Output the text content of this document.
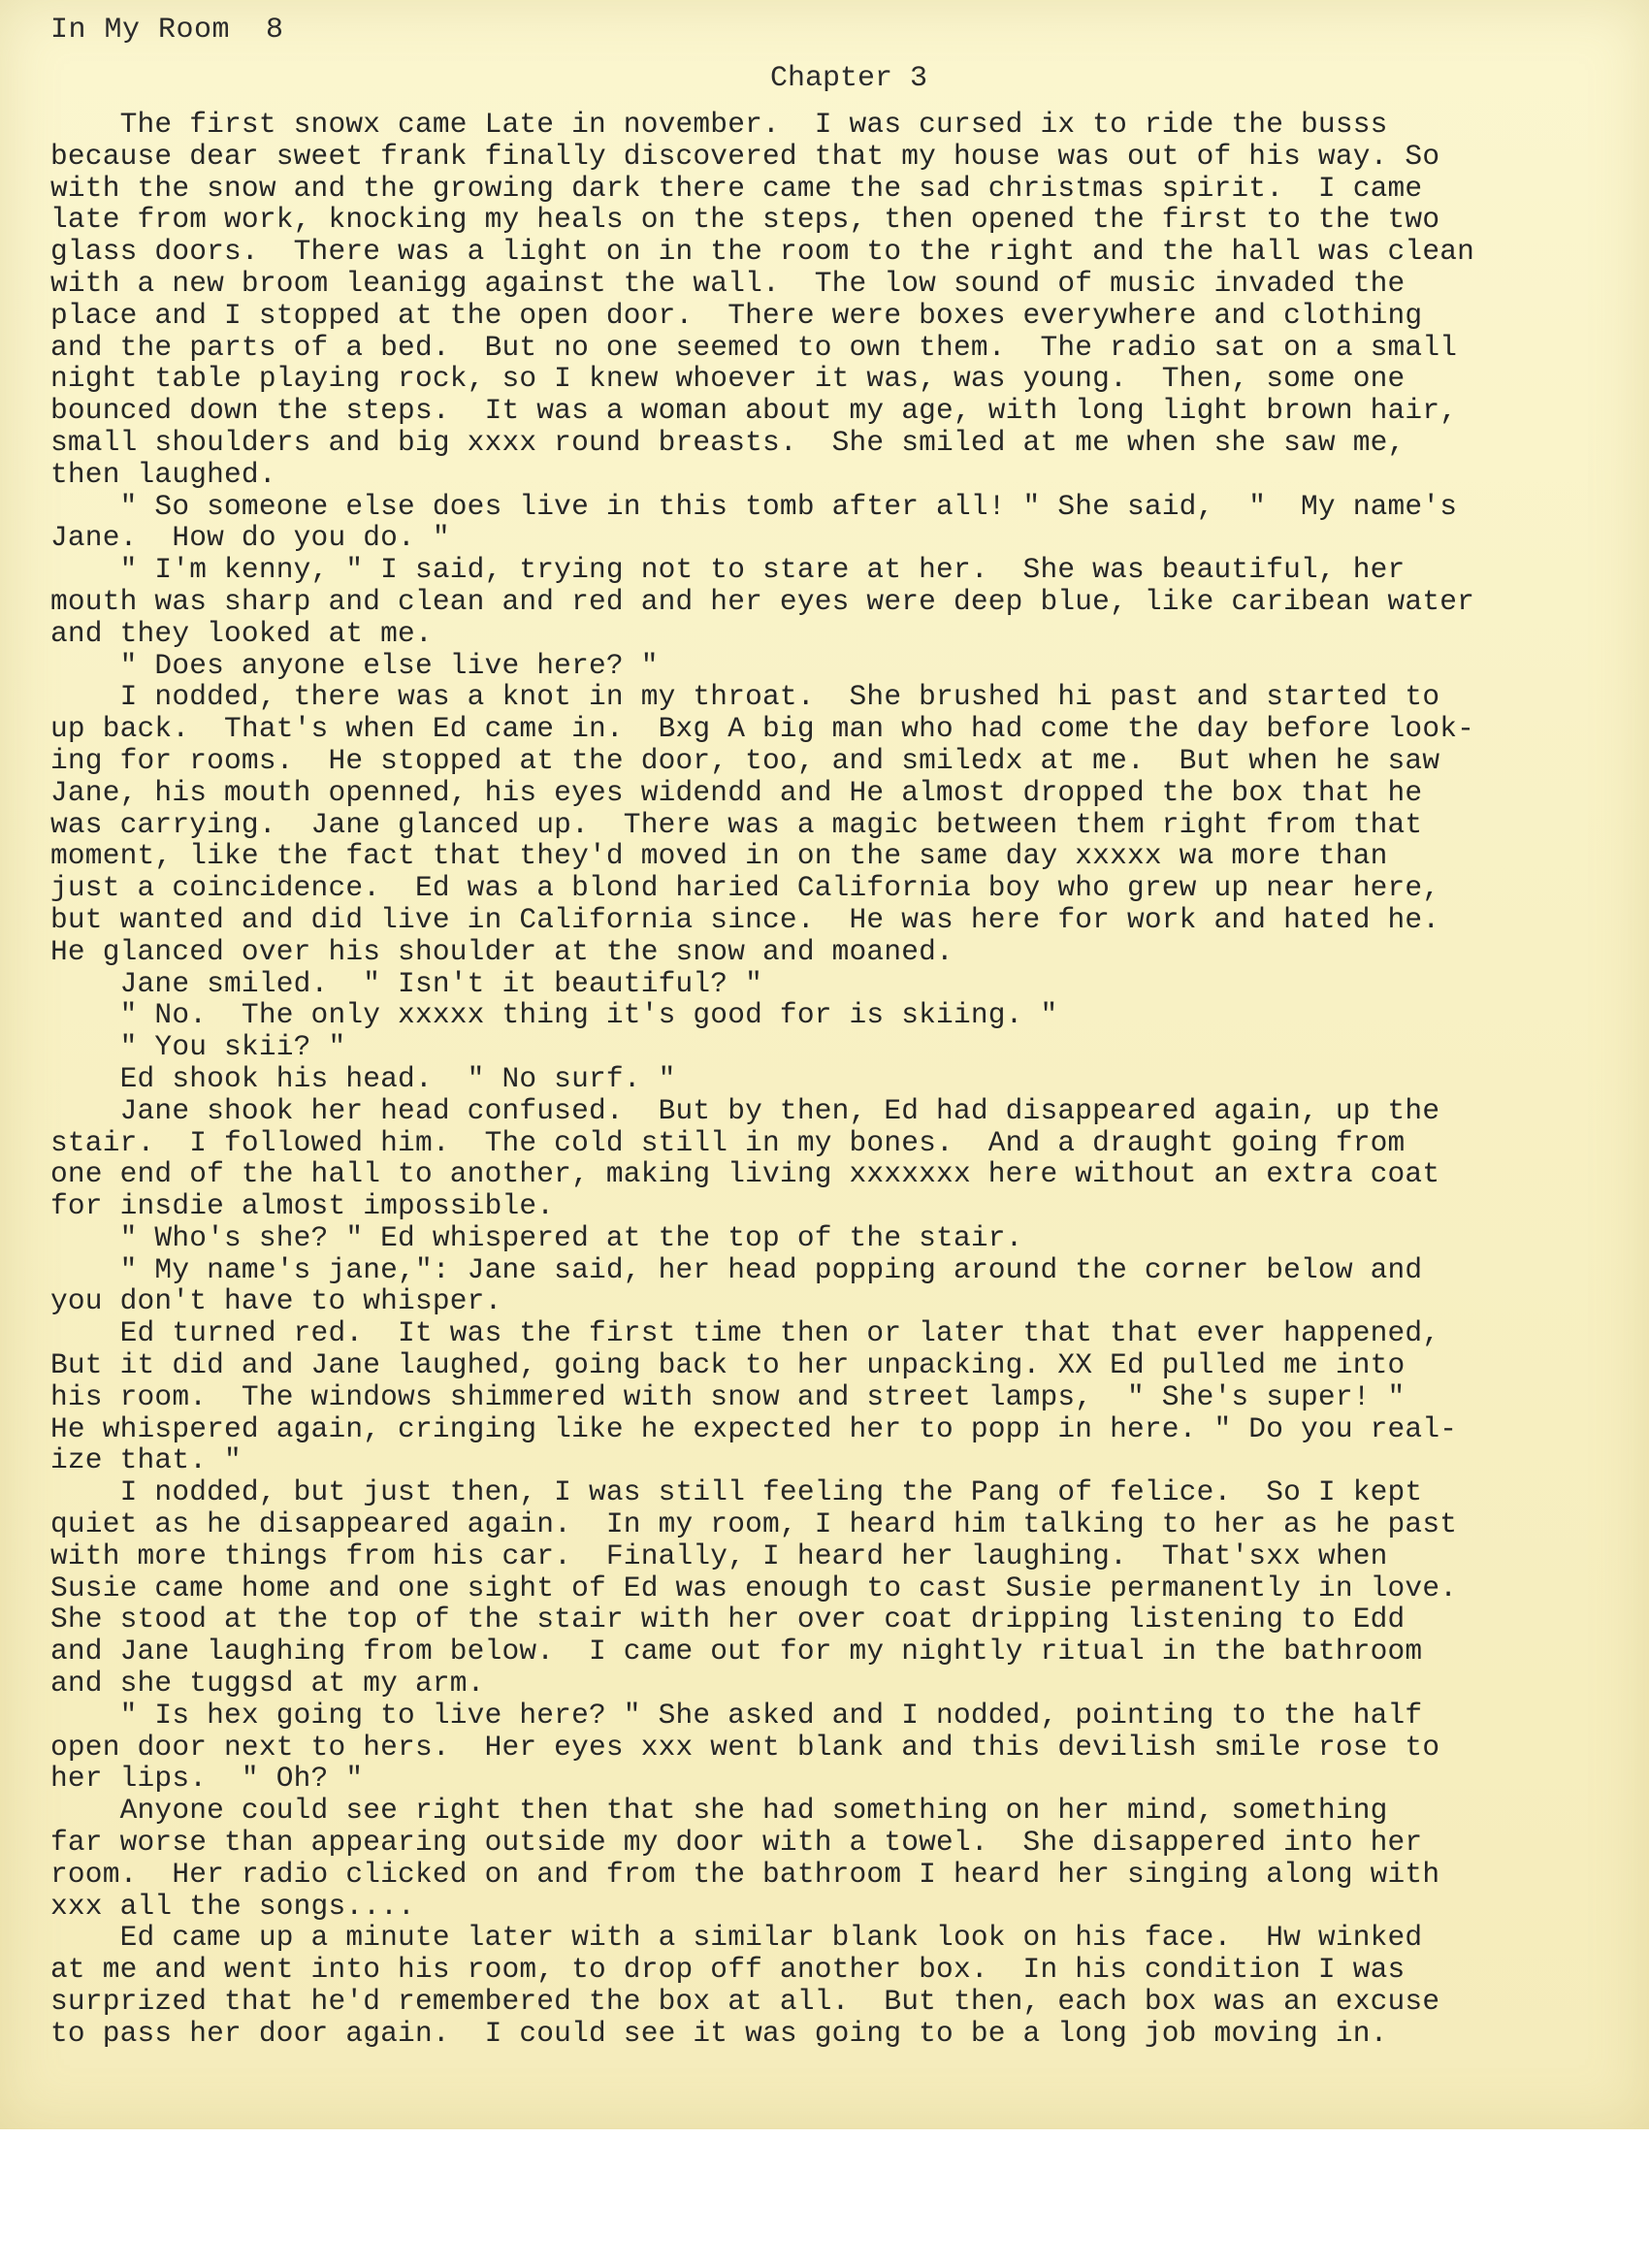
In My Room  8
Chapter 3
The first snowx came Late in november.  I was cursed ix to ride the busss
because dear sweet frank finally discovered that my house was out of his way. So
with the snow and the growing dark there came the sad christmas spirit.  I came
late from work, knocking my heals on the steps, then opened the first to the two
glass doors.  There was a light on in the room to the right and the hall was clean
with a new broom leanigg against the wall.  The low sound of music invaded the
place and I stopped at the open door.  There were boxes everywhere and clothing
and the parts of a bed.  But no one seemed to own them.  The radio sat on a small
night table playing rock, so I knew whoever it was, was young.  Then, some one
bounced down the steps.  It was a woman about my age, with long light brown hair,
small shoulders and big xxxx round breasts.  She smiled at me when she saw me,
then laughed.
" So someone else does live in this tomb after all! " She said,  "  My name's
Jane.  How do you do. "
" I'm kenny, " I said, trying not to stare at her.  She was beautiful, her
mouth was sharp and clean and red and her eyes were deep blue, like caribean water
and they looked at me.
" Does anyone else live here? "
I nodded, there was a knot in my throat.  She brushed hi past and started to
up back.  That's when Ed came in.  Bxg A big man who had come the day before look-
ing for rooms.  He stopped at the door, too, and smiledx at me.  But when he saw
Jane, his mouth openned, his eyes widendd and He almost dropped the box that he
was carrying.  Jane glanced up.  There was a magic between them right from that
moment, like the fact that they'd moved in on the same day xxxxx wa more than
just a coincidence.  Ed was a blond haried California boy who grew up near here,
but wanted and did live in California since.  He was here for work and hated he.
He glanced over his shoulder at the snow and moaned.
Jane smiled.  " Isn't it beautiful? "
" No.  The only xxxxx thing it's good for is skiing. "
" You skii? "
Ed shook his head.  " No surf. "
Jane shook her head confused.  But by then, Ed had disappeared again, up the
stair.  I followed him.  The cold still in my bones.  And a draught going from
one end of the hall to another, making living xxxxxxx here without an extra coat
for insdie almost impossible.
" Who's she? " Ed whispered at the top of the stair.
" My name's jane,": Jane said, her head popping around the corner below and
you don't have to whisper.
Ed turned red.  It was the first time then or later that that ever happened,
But it did and Jane laughed, going back to her unpacking. XX Ed pulled me into
his room.  The windows shimmered with snow and street lamps,  " She's super! "
He whispered again, cringing like he expected her to popp in here. " Do you real-
ize that. "
I nodded, but just then, I was still feeling the Pang of felice.  So I kept
quiet as he disappeared again.  In my room, I heard him talking to her as he past
with more things from his car.  Finally, I heard her laughing.  That'sxx when
Susie came home and one sight of Ed was enough to cast Susie permanently in love.
She stood at the top of the stair with her over coat dripping listening to Edd
and Jane laughing from below.  I came out for my nightly ritual in the bathroom
and she tuggsd at my arm.
" Is hex going to live here? " She asked and I nodded, pointing to the half
open door next to hers.  Her eyes xxx went blank and this devilish smile rose to
her lips.  " Oh? "
Anyone could see right then that she had something on her mind, something
far worse than appearing outside my door with a towel.  She disappered into her
room.  Her radio clicked on and from the bathroom I heard her singing along with
xxx all the songs....
Ed came up a minute later with a similar blank look on his face.  Hw winked
at me and went into his room, to drop off another box.  In his condition I was
surprized that he'd remembered the box at all.  But then, each box was an excuse
to pass her door again.  I could see it was going to be a long job moving in.
